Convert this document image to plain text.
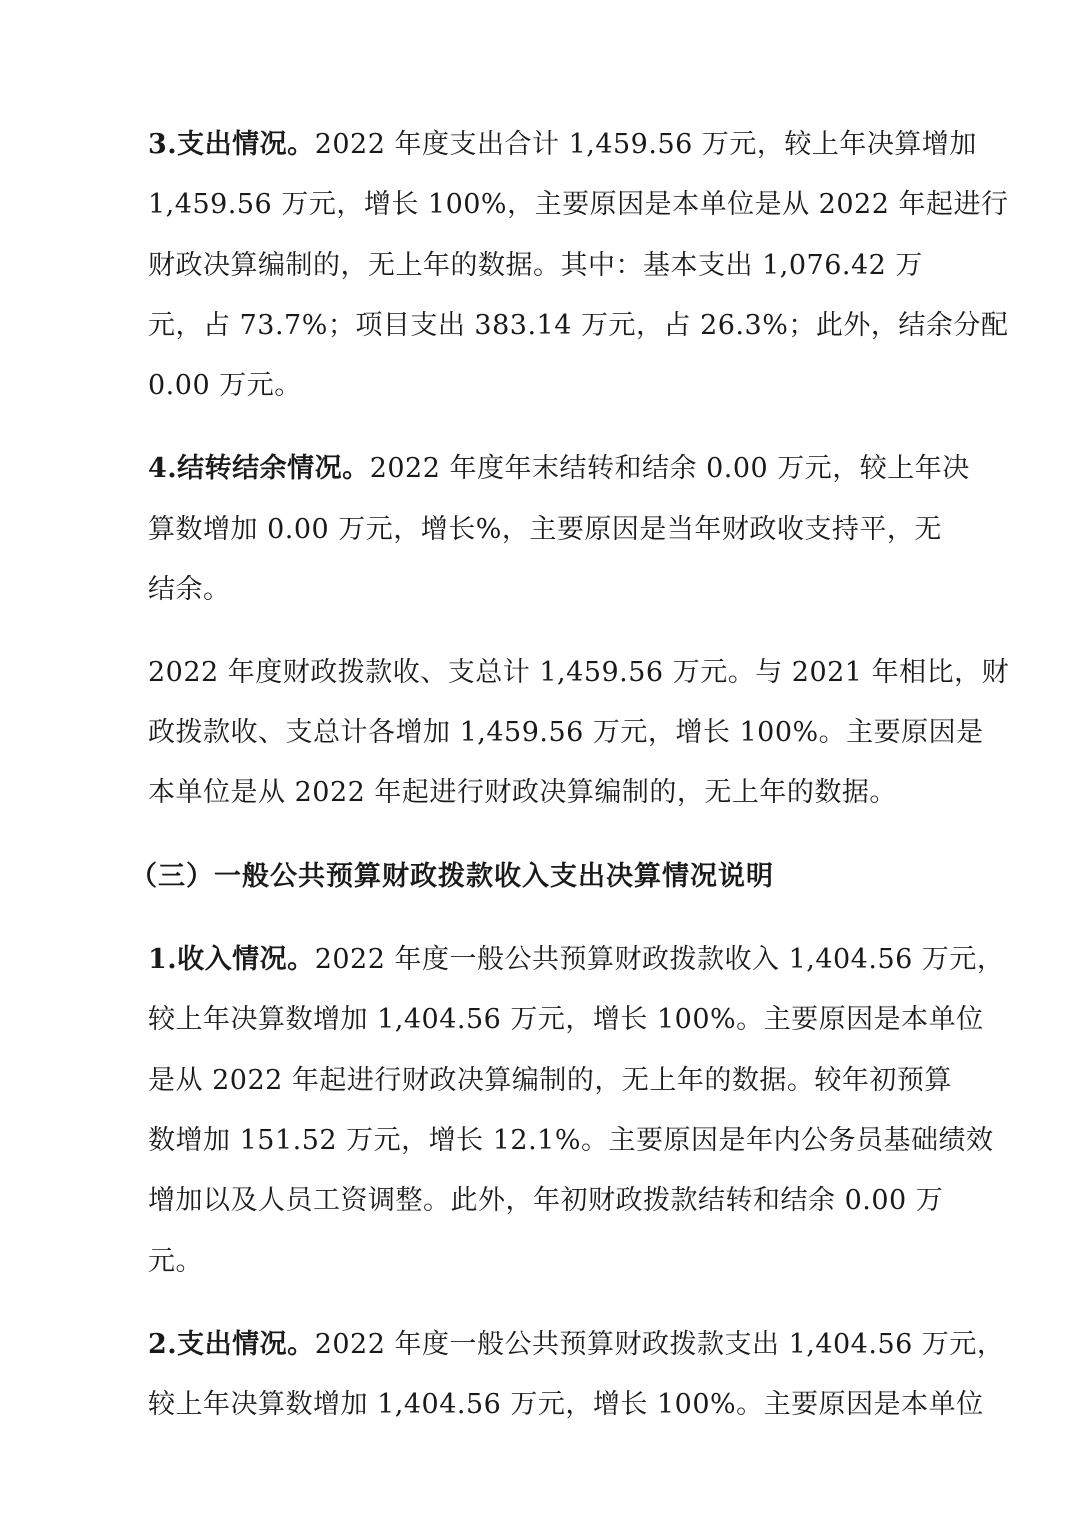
3.支出情况。2022 年度支出合计 1,459.56 万元，较上年决算增加
1,459.56 万元，增长 100%，主要原因是本单位是从 2022 年起进行
财政决算编制的，无上年的数据。其中：基本支出 1,076.42 万
元，占 73.7%；项目支出 383.14 万元，占 26.3%；此外，结余分配
0.00 万元。
4.结转结余情况。2022 年度年末结转和结余 0.00 万元，较上年决
算数增加 0.00 万元，增长%，主要原因是当年财政收支持平，无
结余。
2022 年度财政拨款收、支总计 1,459.56 万元。与 2021 年相比，财
政拨款收、支总计各增加 1,459.56 万元，增长 100%。主要原因是
本单位是从 2022 年起进行财政决算编制的，无上年的数据。
（三）一般公共预算财政拨款收入支出决算情况说明
1.收入情况。2022 年度一般公共预算财政拨款收入 1,404.56 万元，
较上年决算数增加 1,404.56 万元，增长 100%。主要原因是本单位
是从 2022 年起进行财政决算编制的，无上年的数据。较年初预算
数增加 151.52 万元，增长 12.1%。主要原因是年内公务员基础绩效
增加以及人员工资调整。此外，年初财政拨款结转和结余 0.00 万
元。
2.支出情况。2022 年度一般公共预算财政拨款支出 1,404.56 万元，
较上年决算数增加 1,404.56 万元，增长 100%。主要原因是本单位
